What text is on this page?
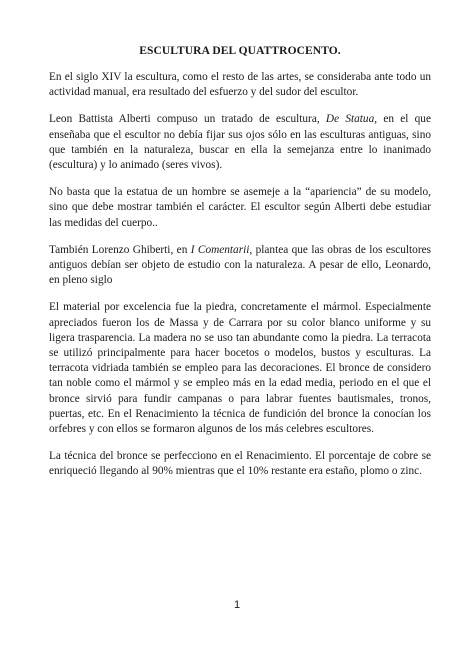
ESCULTURA DEL QUATTROCENTO.

En el siglo XIV la escultura, como el resto de las artes, se consideraba ante todo un actividad manual, era resultado del esfuerzo y del sudor del escultor.

Leon Battista Alberti compuso un tratado de escultura, De Statua, en el que enseñaba que el escultor no debía fijar sus ojos sólo en las esculturas antiguas, sino que también en la naturaleza, buscar en ella la semejanza entre lo inanimado (escultura) y lo animado (seres vivos).

No basta que la estatua de un hombre se asemeje a la “apariencia” de su modelo, sino que debe mostrar también el carácter. El escultor según Alberti debe estudiar las medidas del cuerpo..

También Lorenzo Ghiberti, en I Comentarii, plantea que las obras de los escultores antiguos debían ser objeto de estudio con la naturaleza. A pesar de ello, Leonardo, en pleno siglo

El material por excelencia fue la piedra, concretamente el mármol. Especialmente apreciados fueron los de Massa y de Carrara por su color blanco uniforme y su ligera trasparencia. La madera no se uso tan abundante como la piedra. La terracota se utilizó principalmente para hacer bocetos o modelos, bustos y esculturas. La terracota vidriada también se empleo para las decoraciones. El bronce de considero tan noble como el mármol y se empleo más en la edad media, periodo en el que el bronce sirvió para fundir campanas o para labrar fuentes bautismales, tronos, puertas, etc. En el Renacimiento la técnica de fundición del bronce la conocían los orfebres y con ellos se formaron algunos de los más celebres escultores.

La técnica del bronce se perfecciono en el Renacimiento. El porcentaje de cobre se enriqueció llegando al 90% mientras que el 10% restante era estaño, plomo o zinc.

1
